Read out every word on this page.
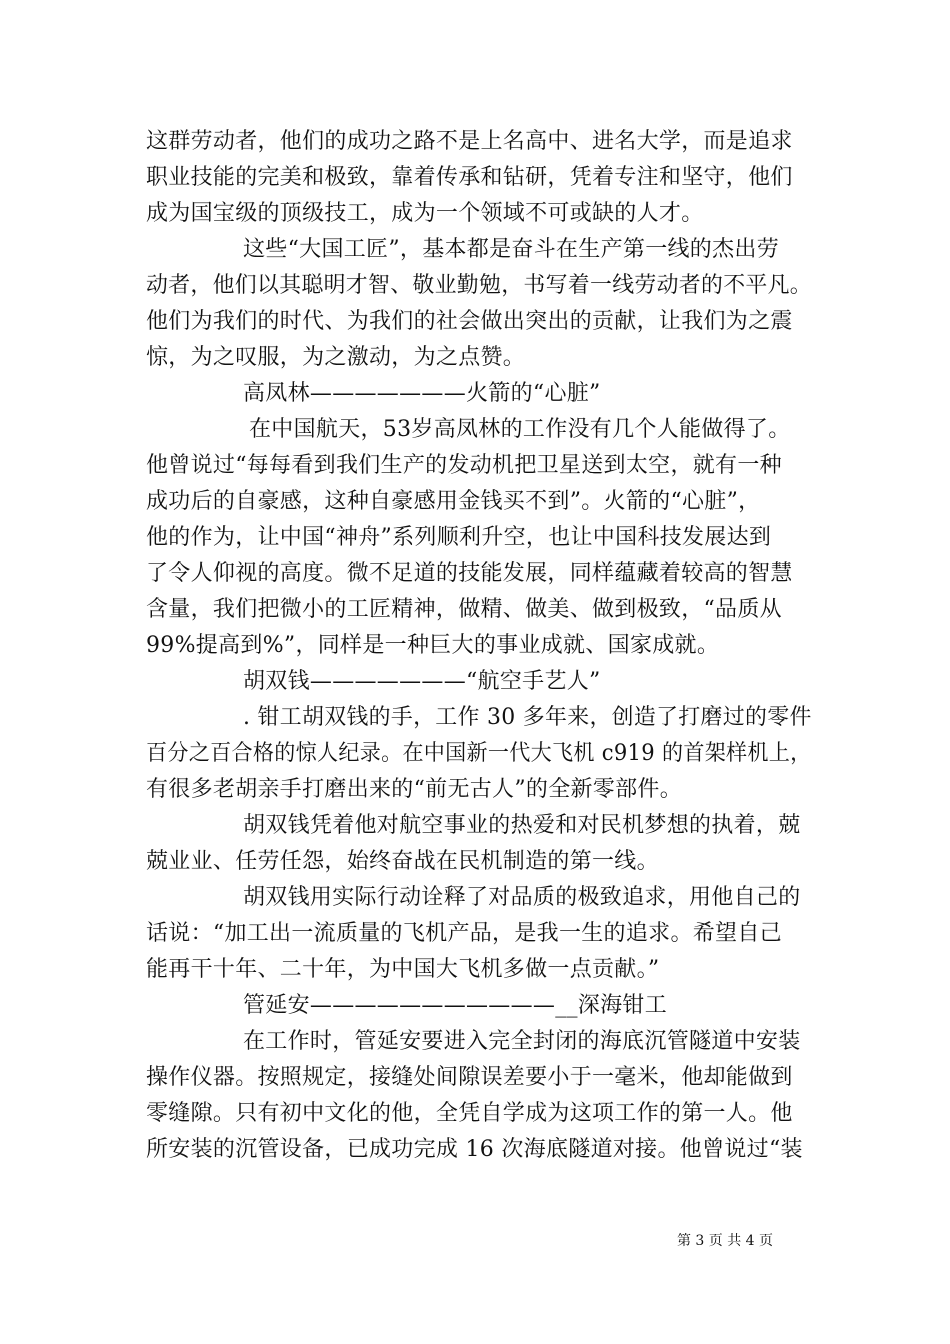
这群劳动者，他们的成功之路不是上名高中、进名大学，而是追求
职业技能的完美和极致，靠着传承和钻研，凭着专注和坚守，他们
成为国宝级的顶级技工，成为一个领域不可或缺的人才。
这些“大国工匠”，基本都是奋斗在生产第一线的杰出劳
动者，他们以其聪明才智、敬业勤勉，书写着一线劳动者的不平凡。
他们为我们的时代、为我们的社会做出突出的贡献，让我们为之震
惊，为之叹服，为之激动，为之点赞。
高凤林———————火箭的“心脏”
在中国航天，53岁高凤林的工作没有几个人能做得了。
他曾说过“每每看到我们生产的发动机把卫星送到太空，就有一种
成功后的自豪感，这种自豪感用金钱买不到”。火箭的“心脏”，
他的作为，让中国“神舟”系列顺利升空，也让中国科技发展达到
了令人仰视的高度。微不足道的技能发展，同样蕴藏着较高的智慧
含量，我们把微小的工匠精神，做精、做美、做到极致，“品质从
99%提高到%”，同样是一种巨大的事业成就、国家成就。
胡双钱———————“航空手艺人”
. 钳工胡双钱的手，工作 30 多年来，创造了打磨过的零件
百分之百合格的惊人纪录。在中国新一代大飞机 c919 的首架样机上，
有很多老胡亲手打磨出来的“前无古人”的全新零部件。
胡双钱凭着他对航空事业的热爱和对民机梦想的执着，兢
兢业业、任劳任怨，始终奋战在民机制造的第一线。
胡双钱用实际行动诠释了对品质的极致追求，用他自己的
话说：“加工出一流质量的飞机产品，是我一生的追求。希望自己
能再干十年、二十年，为中国大飞机多做一点贡献。”
管延安———————————__深海钳工
在工作时，管延安要进入完全封闭的海底沉管隧道中安装
操作仪器。按照规定，接缝处间隙误差要小于一毫米，他却能做到
零缝隙。只有初中文化的他，全凭自学成为这项工作的第一人。他
所安装的沉管设备，已成功完成 16 次海底隧道对接。他曾说过“装
第 3 页 共 4 页
